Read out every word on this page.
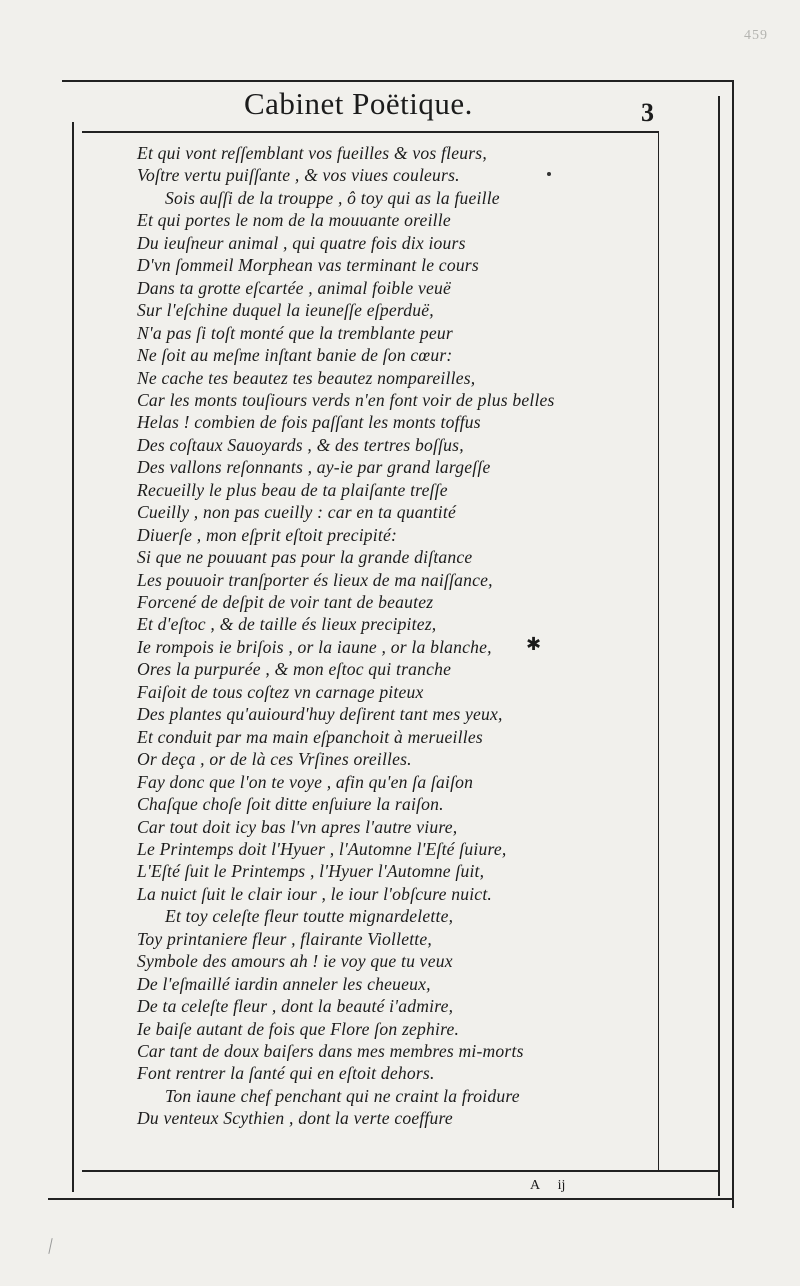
459
Cabinet Poëtique.	3
Et qui vont reſſemblant vos fueilles & vos fleurs,
Voſtre vertu puiſſante , & vos viues couleurs.
Sois auſſi de la trouppe , ô toy qui as la fueille
Et qui portes le nom de la mouuante oreille
Du ieuſneur animal , qui quatre fois dix iours
D'vn ſommeil Morphean vas terminant le cours
Dans ta grotte eſcartée , animal foible veuë
Sur l'eſchine duquel la ieuneſſe eſperduë,
N'a pas ſi toſt monté que la tremblante peur
Ne ſoit au meſme inſtant banie de ſon cœur:
Ne cache tes beautez tes beautez nompareilles,
Car les monts touſiours verds n'en font voir de plus belles
Helas ! combien de fois paſſant les monts toffus
Des coſtaux Sauoyards , & des tertres boſſus,
Des vallons reſonnants , ay-ie par grand largeſſe
Recueilly le plus beau de ta plaiſante treſſe
Cueilly , non pas cueilly : car en ta quantité
Diuerſe , mon eſprit eſtoit precipité:
Si que ne pouuant pas pour la grande diſtance
Les pouuoir tranſporter és lieux de ma naiſſance,
Forcené de deſpit de voir tant de beautez
Et d'eſtoc , & de taille és lieux precipitez,
Ie rompois ie briſois , or la iaune , or la blanche,
Ores la purpurée , & mon eſtoc qui tranche
Faiſoit de tous coſtez vn carnage piteux
Des plantes qu'auiourd'huy deſirent tant mes yeux,
Et conduit par ma main eſpanchoit à merueilles
Or deça , or de là ces Vrſines oreilles.
Fay donc que l'on te voye , afin qu'en ſa ſaiſon
Chaſque choſe ſoit ditte enſuiure la raiſon.
Car tout doit icy bas l'vn apres l'autre viure,
Le Printemps doit l'Hyuer , l'Automne l'Eſté ſuiure,
L'Eſté ſuit le Printemps , l'Hyuer l'Automne ſuit,
La nuict ſuit le clair iour , le iour l'obſcure nuict.
Et toy celeſte fleur toutte mignardelette,
Toy printaniere fleur , flairante Viollette,
Symbole des amours ah ! ie voy que tu veux
De l'eſmaillé iardin anneler les cheueux,
De ta celeſte fleur , dont la beauté i'admire,
Ie baiſe autant de fois que Flore ſon zephire.
Car tant de doux baiſers dans mes membres mi-morts
Font rentrer la ſanté qui en eſtoit dehors.
Ton iaune chef penchant qui ne craint la froidure
Du venteux Scythien , dont la verte coeffure
A ij
✱
